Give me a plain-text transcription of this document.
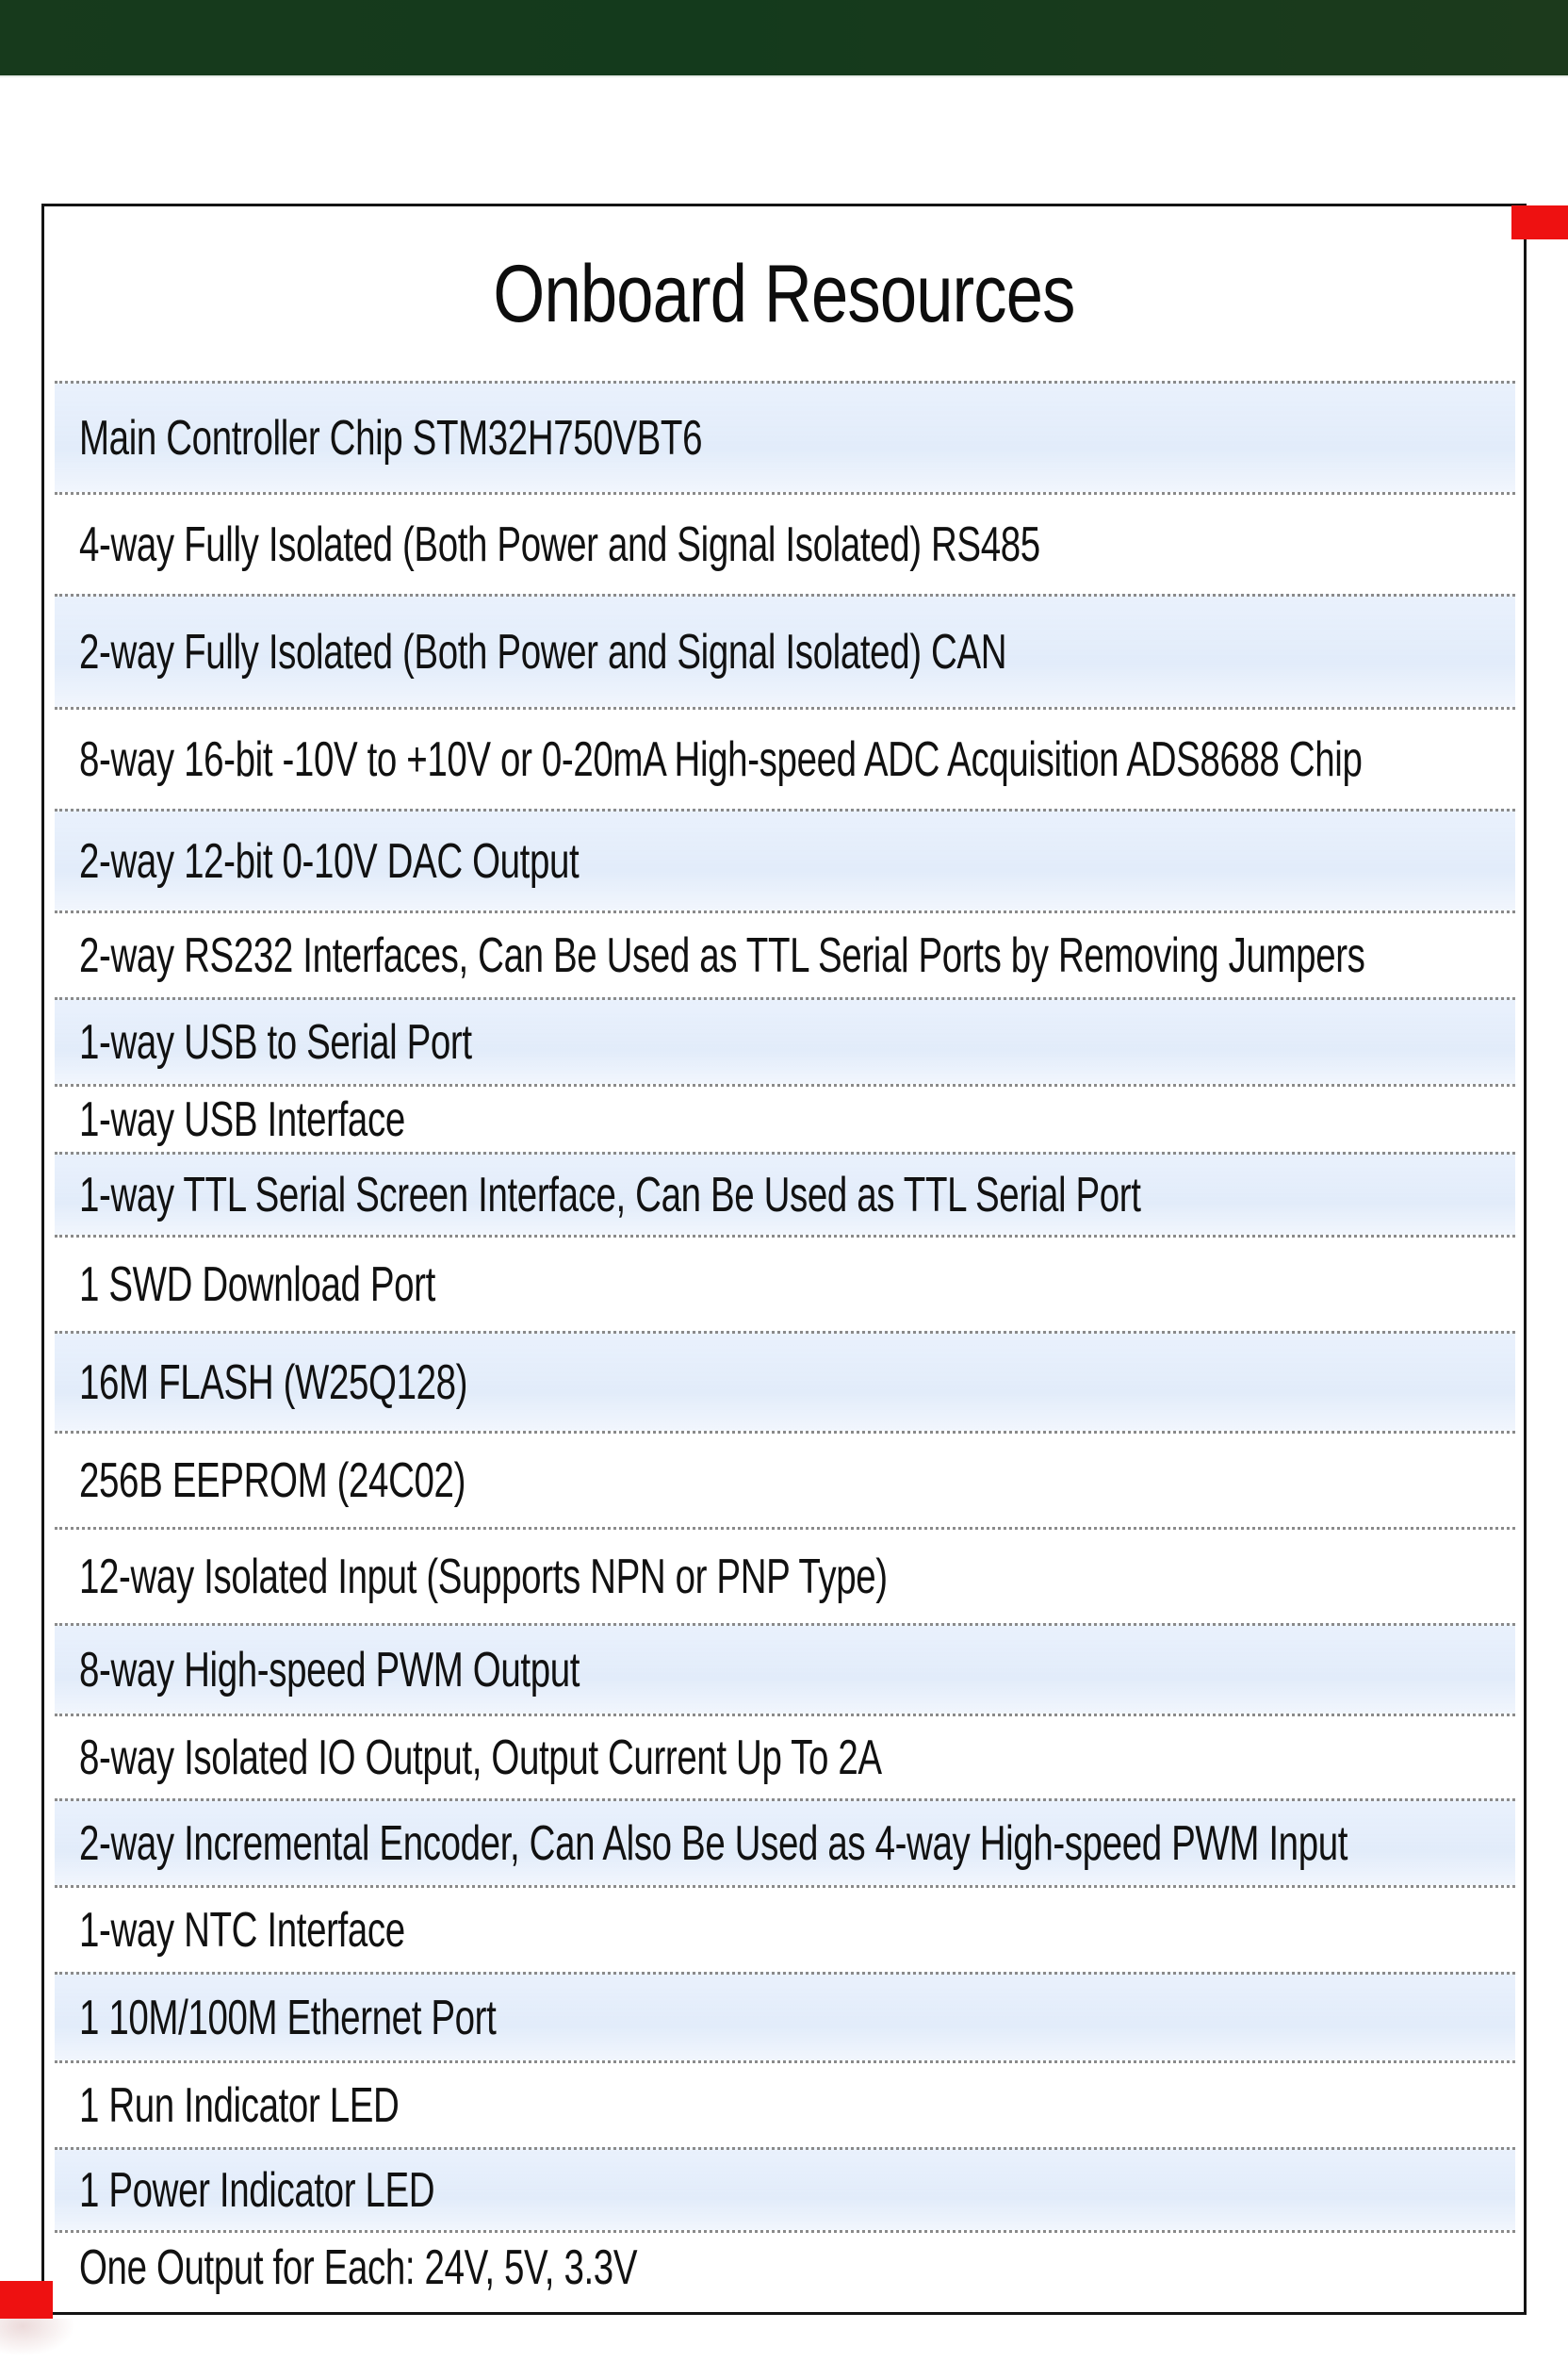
Onboard Resources
Main Controller Chip STM32H750VBT6
4-way Fully Isolated (Both Power and Signal Isolated) RS485
2-way Fully Isolated (Both Power and Signal Isolated) CAN
8-way 16-bit -10V to +10V or 0-20mA High-speed ADC Acquisition ADS8688 Chip
2-way 12-bit 0-10V DAC Output
2-way RS232 Interfaces, Can Be Used as TTL Serial Ports by Removing Jumpers
1-way USB to Serial Port
1-way USB Interface
1-way TTL Serial Screen Interface, Can Be Used as TTL Serial Port
1 SWD Download Port
16M FLASH (W25Q128)
256B EEPROM (24C02)
12-way Isolated Input (Supports NPN or PNP Type)
8-way High-speed PWM Output
8-way Isolated IO Output, Output Current Up To 2A
2-way Incremental Encoder, Can Also Be Used as 4-way High-speed PWM Input
1-way NTC Interface
1 10M/100M Ethernet Port
1 Run Indicator LED
1 Power Indicator LED
One Output for Each: 24V, 5V, 3.3V
